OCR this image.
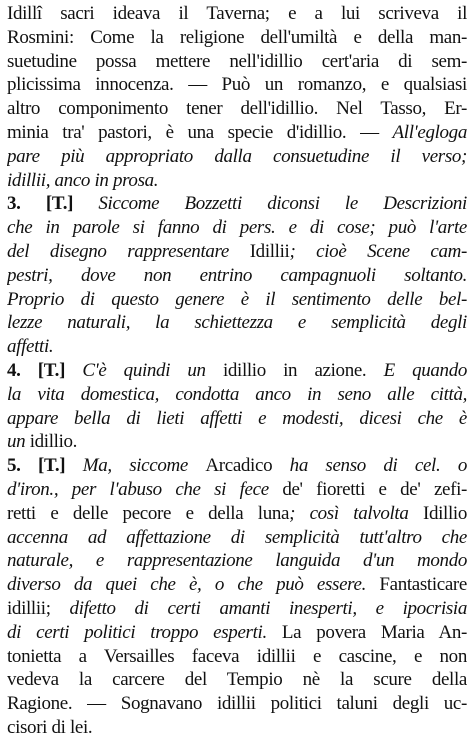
Idillî sacri ideava il Taverna; e a lui scriveva il
Rosmini: Come la religione dell'umiltà e della man-
suetudine possa mettere nell'idillio cert'aria di sem-
plicissima innocenza. — Può un romanzo, e qualsiasi
altro componimento tener dell'idillio. Nel Tasso, Er-
minia tra' pastori, è una specie d'idillio. — All'egloga
pare più appropriato dalla consuetudine il verso;
idillii, anco in prosa.
3. [T.] Siccome Bozzetti diconsi le Descrizioni
che in parole si fanno di pers. e di cose; può l'arte
del disegno rappresentare Idillii; cioè Scene cam-
pestri, dove non entrino campagnuoli soltanto.
Proprio di questo genere è il sentimento delle bel-
lezze naturali, la schiettezza e semplicità degli
affetti.
4. [T.] C'è quindi un idillio in azione. E quando
la vita domestica, condotta anco in seno alle città,
appare bella di lieti affetti e modesti, dicesi che è
un idillio.
5. [T.] Ma, siccome Arcadico ha senso di cel. o
d'iron., per l'abuso che si fece de' fioretti e de' zefi-
retti e delle pecore e della luna; così talvolta Idillio
accenna ad affettazione di semplicità tutt'altro che
naturale, e rappresentazione languida d'un mondo
diverso da quei che è, o che può essere. Fantasticare
idillii; difetto di certi amanti inesperti, e ipocrisia
di certi politici troppo esperti. La povera Maria An-
tonietta a Versailles faceva idillii e cascine, e non
vedeva la carcere del Tempio nè la scure della
Ragione. — Sognavano idillii politici taluni degli uc-
cisori di lei.
